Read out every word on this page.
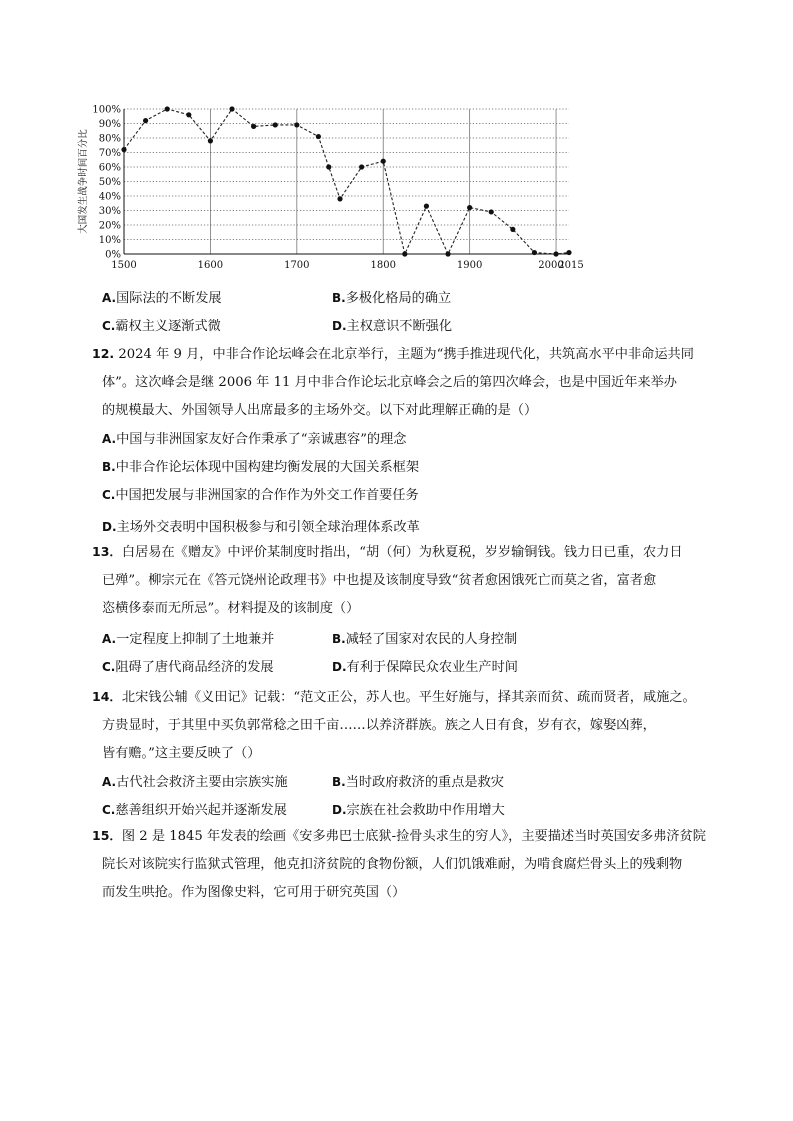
0%
10%
20%
30%
40%
50%
60%
70%
80%
90%
100%
1500	1600	1700	1800	1900	2000
2015
大国发生战争时间百分比
A.国际法的不断发展	B.多极化格局的确立
C.霸权主义逐渐式微	D.主权意识不断强化
12. 2024 年 9 月，中非合作论坛峰会在北京举行，主题为“携手推进现代化，共筑高水平中非命运共同
体”。这次峰会是继 2006 年 11 月中非合作论坛北京峰会之后的第四次峰会，也是中国近年来举办
的规模最大、外国领导人出席最多的主场外交。以下对此理解正确的是（）
A.中国与非洲国家友好合作秉承了“亲诚惠容”的理念
B.中非合作论坛体现中国构建均衡发展的大国关系框架
C.中国把发展与非洲国家的合作作为外交工作首要任务
D.主场外交表明中国积极参与和引领全球治理体系改革
13．白居易在《赠友》中评价某制度时指出，“胡（何）为秋夏税，岁岁输铜钱。钱力日已重，农力日
已殚”。柳宗元在《答元饶州论政理书》中也提及该制度导致“贫者愈困饿死亡而莫之省，富者愈
恣横侈泰而无所忌”。材料提及的该制度（）
A.一定程度上抑制了土地兼并	B.减轻了国家对农民的人身控制
C.阻碍了唐代商品经济的发展	D.有利于保障民众农业生产时间
14．北宋钱公辅《义田记》记载：“范文正公，苏人也。平生好施与，择其亲而贫、疏而贤者，咸施之。
方贵显时，于其里中买负郭常稔之田千亩……以养济群族。族之人日有食，岁有衣，嫁娶凶葬，
皆有赡。”这主要反映了（）
A.古代社会救济主要由宗族实施	B.当时政府救济的重点是救灾
C.慈善组织开始兴起并逐渐发展	D.宗族在社会救助中作用增大
15．图 2 是 1845 年发表的绘画《安多弗巴士底狱-捡骨头求生的穷人》，主要描述当时英国安多弗济贫院
院长对该院实行监狱式管理，他克扣济贫院的食物份额，人们饥饿难耐，为啃食腐烂骨头上的残剩物
而发生哄抢。作为图像史料，它可用于研究英国（）
